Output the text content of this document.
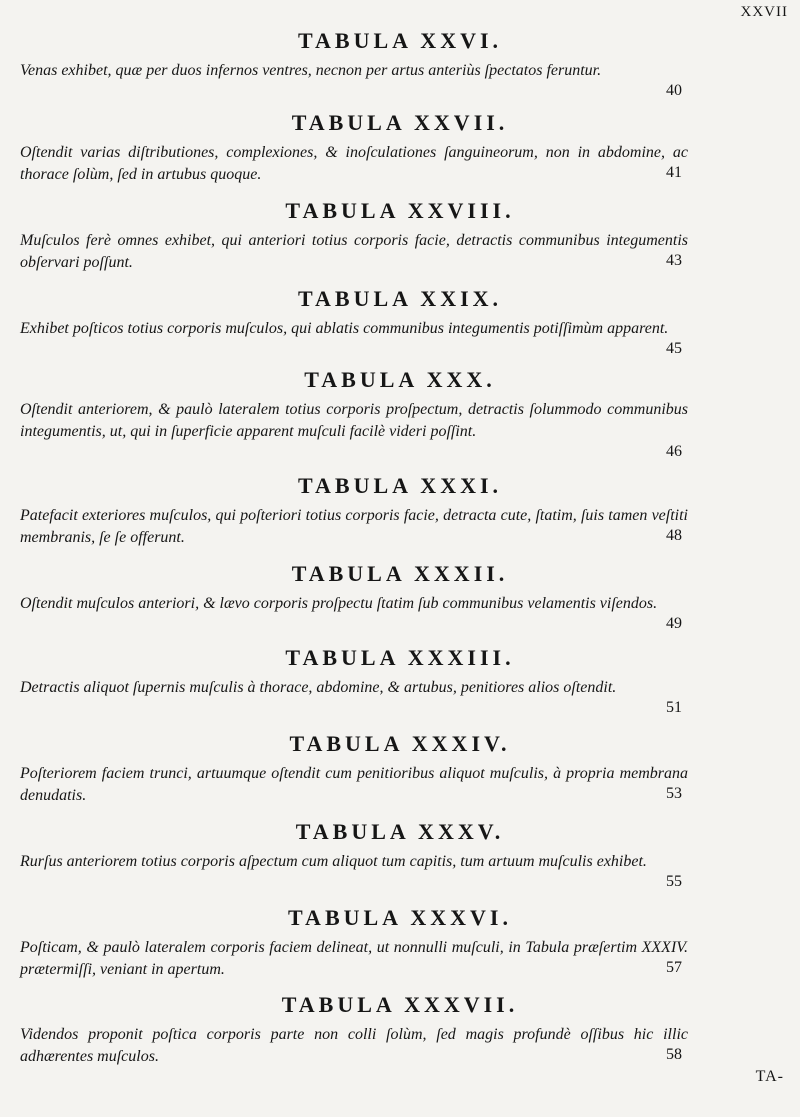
XXVII
TABULA XXVI.

Venas exhibet, quæ per duos infernos ventres, necnon per artus anteriùs ſpectatos feruntur.

40
TABULA XXVII.

Oſtendit varias diſtributiones, complexiones, & inoſculationes ſanguineorum, non in abdomine, ac thorace ſolùm, ſed in artubus quoque.	41
TABULA XXVIII.

Muſculos ferè omnes exhibet, qui anteriori totius corporis facie, detractis communibus integumentis obſervari poſſunt.	43
TABULA XXIX.

Exhibet poſticos totius corporis muſculos, qui ablatis communibus integumentis potiſſimùm apparent.

45
TABULA XXX.

Oſtendit anteriorem, & paulò lateralem totius corporis proſpectum, detractis ſolummodo communibus integumentis, ut, qui in ſuperficie apparent muſculi facilè videri poſſint.

46
TABULA XXXI.

Patefacit exteriores muſculos, qui poſteriori totius corporis facie, detracta cute, ſtatim, ſuis tamen veſtiti membranis, ſe ſe offerunt.	48
TABULA XXXII.

Oſtendit muſculos anteriori, & lævo corporis proſpectu ſtatim ſub communibus velamentis viſendos.

49
TABULA XXXIII.

Detractis aliquot ſupernis muſculis à thorace, abdomine, & artubus, penitiores alios oſtendit.

51
TABULA XXXIV.

Poſteriorem faciem trunci, artuumque oſtendit cum penitioribus aliquot muſculis, à propria membrana denudatis.	53
TABULA XXXV.

Rurſus anteriorem totius corporis aſpectum cum aliquot tum capitis, tum artuum muſculis exhibet.

55
TABULA XXXVI.

Poſticam, & paulò lateralem corporis faciem delineat, ut nonnulli muſculi, in Tabula præſertim XXXIV. prætermiſſi, veniant in apertum.	57
TABULA XXXVII.

Videndos proponit poſtica corporis parte non colli ſolùm, ſed magis profundè oſſibus hic illic adhærentes muſculos.	58
TA-
